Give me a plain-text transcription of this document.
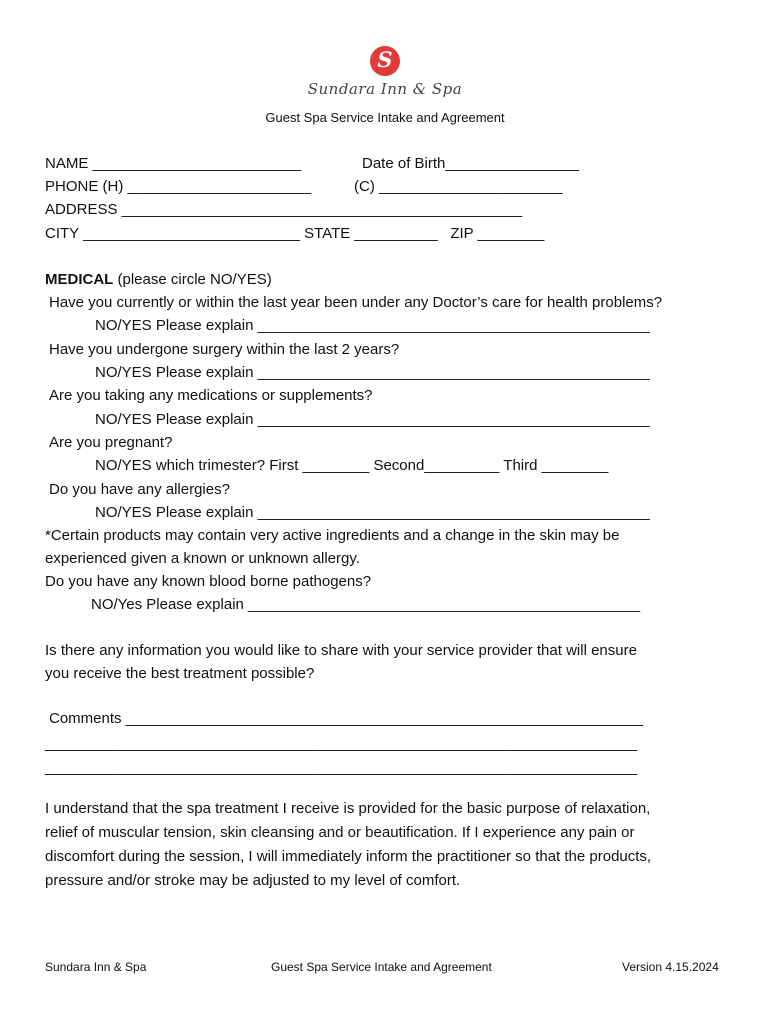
S
Sundara Inn & Spa
Guest Spa Service Intake and Agreement
NAME _________________________	Date of Birth________________
PHONE (H) ______________________	(C) ______________________
ADDRESS ________________________________________________
CITY __________________________ STATE __________   ZIP ________
MEDICAL (please circle NO/YES)
Have you currently or within the last year been under any Doctor’s care for health problems?
NO/YES Please explain _______________________________________________
Have you undergone surgery within the last 2 years?
NO/YES Please explain _______________________________________________
Are you taking any medications or supplements?
NO/YES Please explain _______________________________________________
Are you pregnant?
NO/YES which trimester? First ________ Second_________ Third ________
Do you have any allergies?
NO/YES Please explain _______________________________________________
*Certain products may contain very active ingredients and a change in the skin may be
experienced given a known or unknown allergy.
Do you have any known blood borne pathogens?
NO/Yes Please explain _______________________________________________
Is there any information you would like to share with your service provider that will ensure
you receive the best treatment possible?
Comments ______________________________________________________________
_______________________________________________________________________
_______________________________________________________________________
I understand that the spa treatment I receive is provided for the basic purpose of relaxation,
relief of muscular tension, skin cleansing and or beautification. If I experience any pain or
discomfort during the session, I will immediately inform the practitioner so that the products,
pressure and/or stroke may be adjusted to my level of comfort.
Sundara Inn & Spa	Guest Spa Service Intake and Agreement	Version 4.15.2024
